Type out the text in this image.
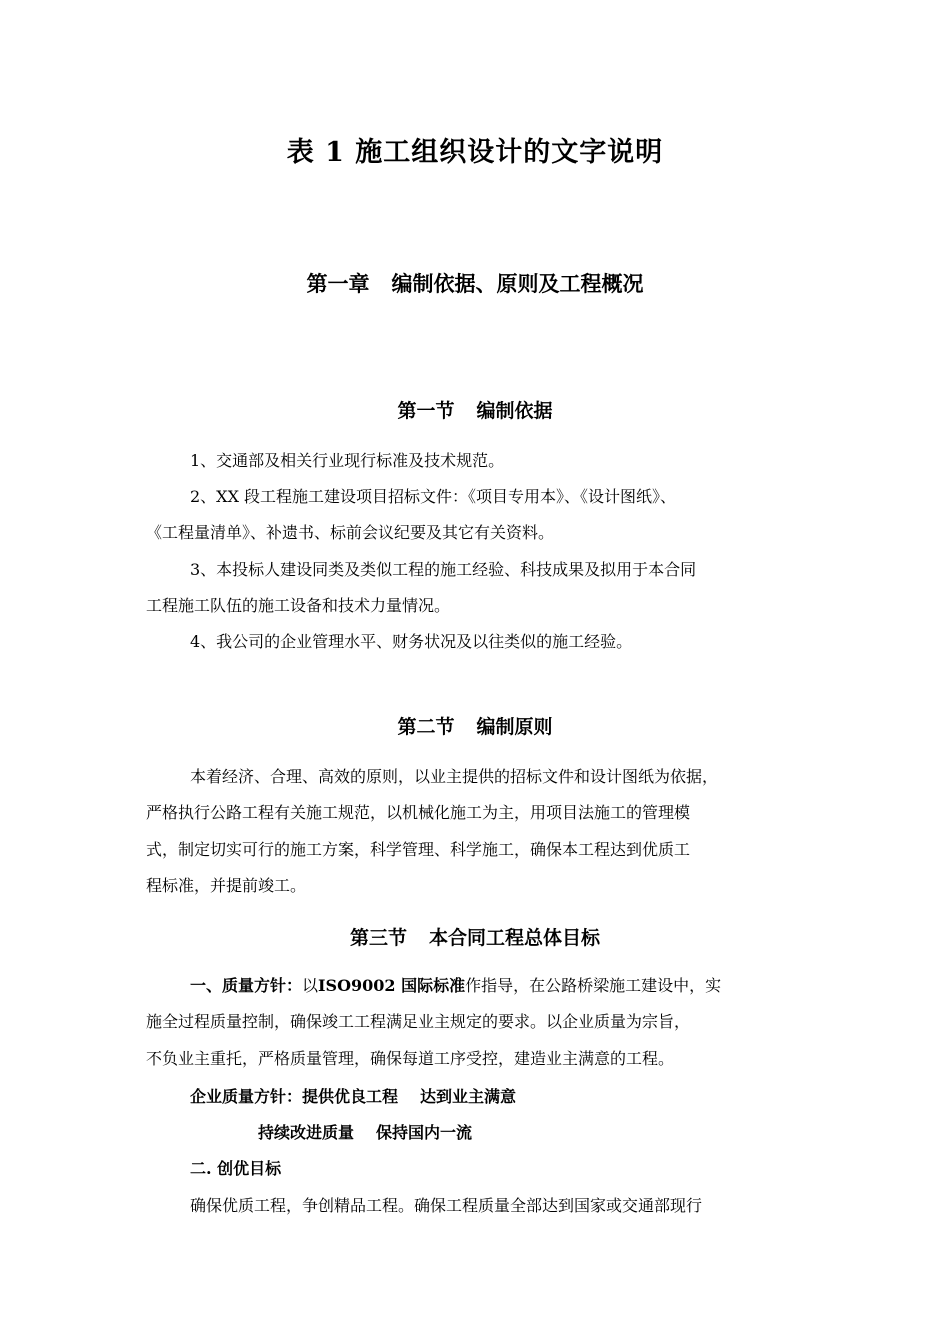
表 1 施工组织设计的文字说明
第一章 编制依据、原则及工程概况
第一节 编制依据

1、交通部及相关行业现行标准及技术规范。

2、XX 段工程施工建设项目招标文件：《项目专用本》、《设计图纸》、

《工程量清单》、补遗书、标前会议纪要及其它有关资料。

3、本投标人建设同类及类似工程的施工经验、科技成果及拟用于本合同

工程施工队伍的施工设备和技术力量情况。

4、我公司的企业管理水平、财务状况及以往类似的施工经验。

第二节 编制原则

本着经济、合理、高效的原则，以业主提供的招标文件和设计图纸为依据，

严格执行公路工程有关施工规范，以机械化施工为主，用项目法施工的管理模

式，制定切实可行的施工方案，科学管理、科学施工，确保本工程达到优质工

程标准，并提前竣工。

第三节 本合同工程总体目标

一、质量方针：以ISO9002 国际标准作指导，在公路桥梁施工建设中，实

施全过程质量控制，确保竣工工程满足业主规定的要求。以企业质量为宗旨，

不负业主重托，严格质量管理，确保每道工序受控，建造业主满意的工程。

企业质量方针：提供优良工程 达到业主满意

持续改进质量 保持国内一流

二. 创优目标

确保优质工程，争创精品工程。确保工程质量全部达到国家或交通部现行
